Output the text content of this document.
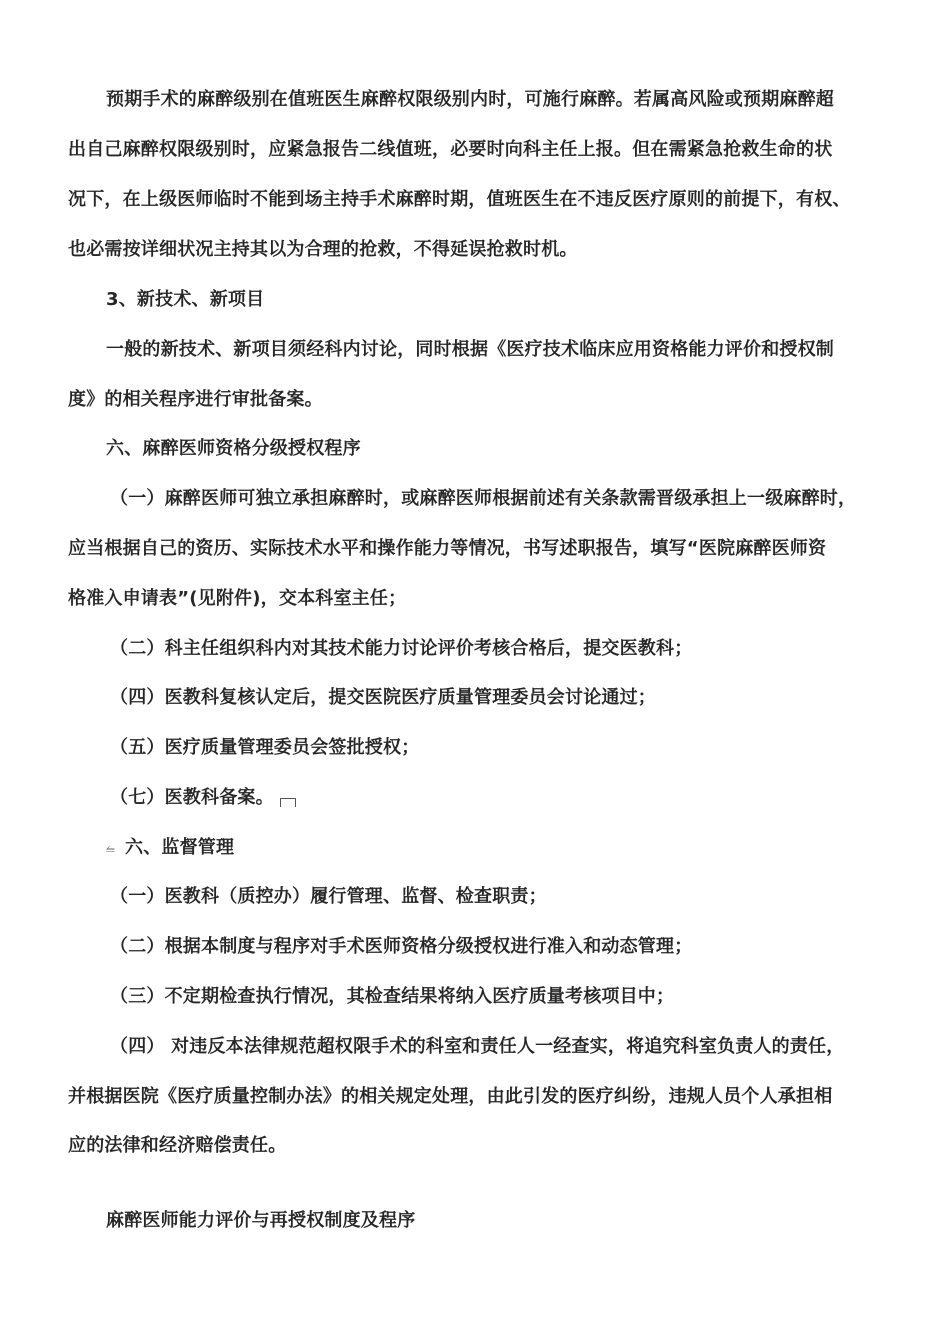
预期手术的麻醉级别在值班医生麻醉权限级别内时，可施行麻醉。若属高风险或预期麻醉超
出自己麻醉权限级别时，应紧急报告二线值班，必要时向科主任上报。但在需紧急抢救生命的状
况下，在上级医师临时不能到场主持手术麻醉时期，值班医生在不违反医疗原则的前提下，有权、
也必需按详细状况主持其以为合理的抢救，不得延误抢救时机。
3、新技术、新项目
一般的新技术、新项目须经科内讨论，同时根据《医疗技术临床应用资格能力评价和授权制
度》的相关程序进行审批备案。
六、麻醉医师资格分级授权程序
（一）麻醉医师可独立承担麻醉时，或麻醉医师根据前述有关条款需晋级承担上一级麻醉时，
应当根据自己的资历、实际技术水平和操作能力等情况，书写述职报告，填写“医院麻醉医师资
格准入申请表”(见附件)，交本科室主任；
（二）科主任组织科内对其技术能力讨论评价考核合格后，提交医教科；
（四）医教科复核认定后，提交医院医疗质量管理委员会讨论通过；
（五）医疗质量管理委员会签批授权；
（七）医教科备案。
⥪ 六、监督管理
（一）医教科（质控办）履行管理、监督、检查职责；
（二）根据本制度与程序对手术医师资格分级授权进行准入和动态管理；
（三）不定期检查执行情况，其检查结果将纳入医疗质量考核项目中；
（四） 对违反本法律规范超权限手术的科室和责任人一经查实，将追究科室负责人的责任，
并根据医院《医疗质量控制办法》的相关规定处理，由此引发的医疗纠纷，违规人员个人承担相
应的法律和经济赔偿责任。
麻醉医师能力评价与再授权制度及程序
